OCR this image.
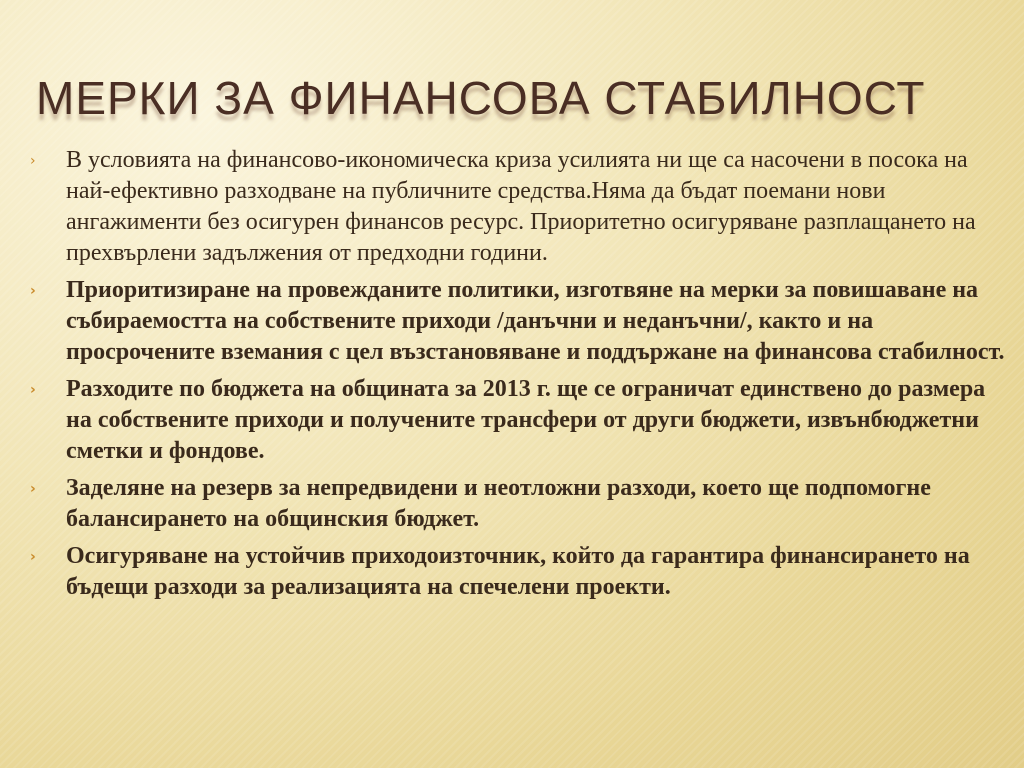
МЕРКИ ЗА ФИНАНСОВА СТАБИЛНОСТ
› В условията на финансово-икономическа криза усилията ни ще са насочени в посока на най-ефективно разходване на публичните средства.Няма да бъдат поемани нови ангажименти без осигурен финансов ресурс. Приоритетно осигуряване разплащането на прехвърлени задължения от предходни години.
› Приоритизиране на провежданите политики, изготвяне на мерки за повишаване на събираемостта на собствените приходи /данъчни и неданъчни/, както и на просрочените вземания с цел възстановяване и поддържане на финансова стабилност.
› Разходите по бюджета на общината за 2013 г. ще се ограничат единствено до размера на собствените приходи и получените трансфери от други бюджети, извънбюджетни сметки и фондове.
› Заделяне на резерв за непредвидени и неотложни разходи, което ще подпомогне балансирането на общинския бюджет.
› Осигуряване на устойчив приходоизточник, който да гарантира финансирането на бъдещи разходи за реализацията на спечелени проекти.
